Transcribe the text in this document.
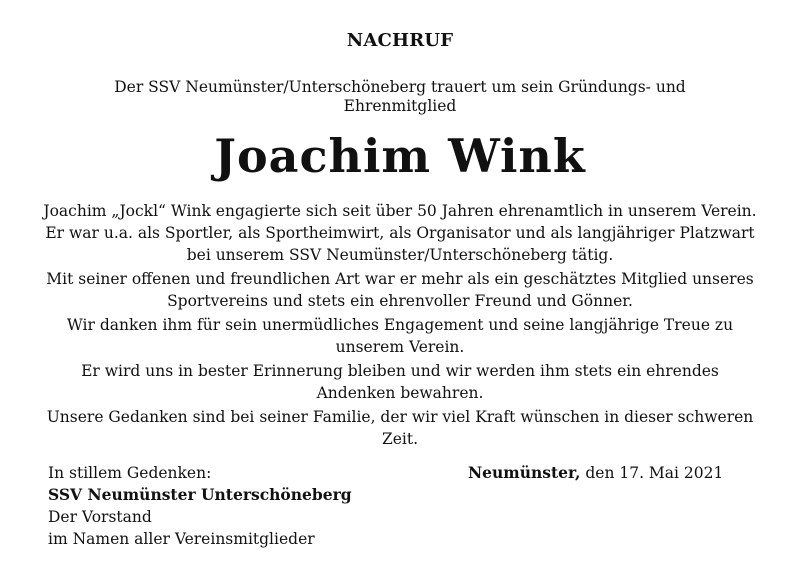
NACHRUF
Der SSV Neumünster/Unterschöneberg trauert um sein Gründungs- und Ehrenmitglied
Joachim Wink

Joachim „Jockl“ Wink engagierte sich seit über 50 Jahren ehrenamtlich in unserem Verein. Er war u.a. als Sportler, als Sportheimwirt, als Organisator und als langjähriger Platzwart bei unserem SSV Neumünster/Unterschöneberg tätig.

Mit seiner offenen und freundlichen Art war er mehr als ein geschätztes Mitglied unseres Sportvereins und stets ein ehrenvoller Freund und Gönner.

Wir danken ihm für sein unermüdliches Engagement und seine langjährige Treue zu unserem Verein.

Er wird uns in bester Erinnerung bleiben und wir werden ihm stets ein ehrendes Andenken bewahren.

Unsere Gedanken sind bei seiner Familie, der wir viel Kraft wünschen in dieser schweren Zeit.

In stillem Gedenken:
SSV Neumünster Unterschöneberg
Der Vorstand
im Namen aller Vereinsmitglieder
Neumünster, den 17. Mai 2021
